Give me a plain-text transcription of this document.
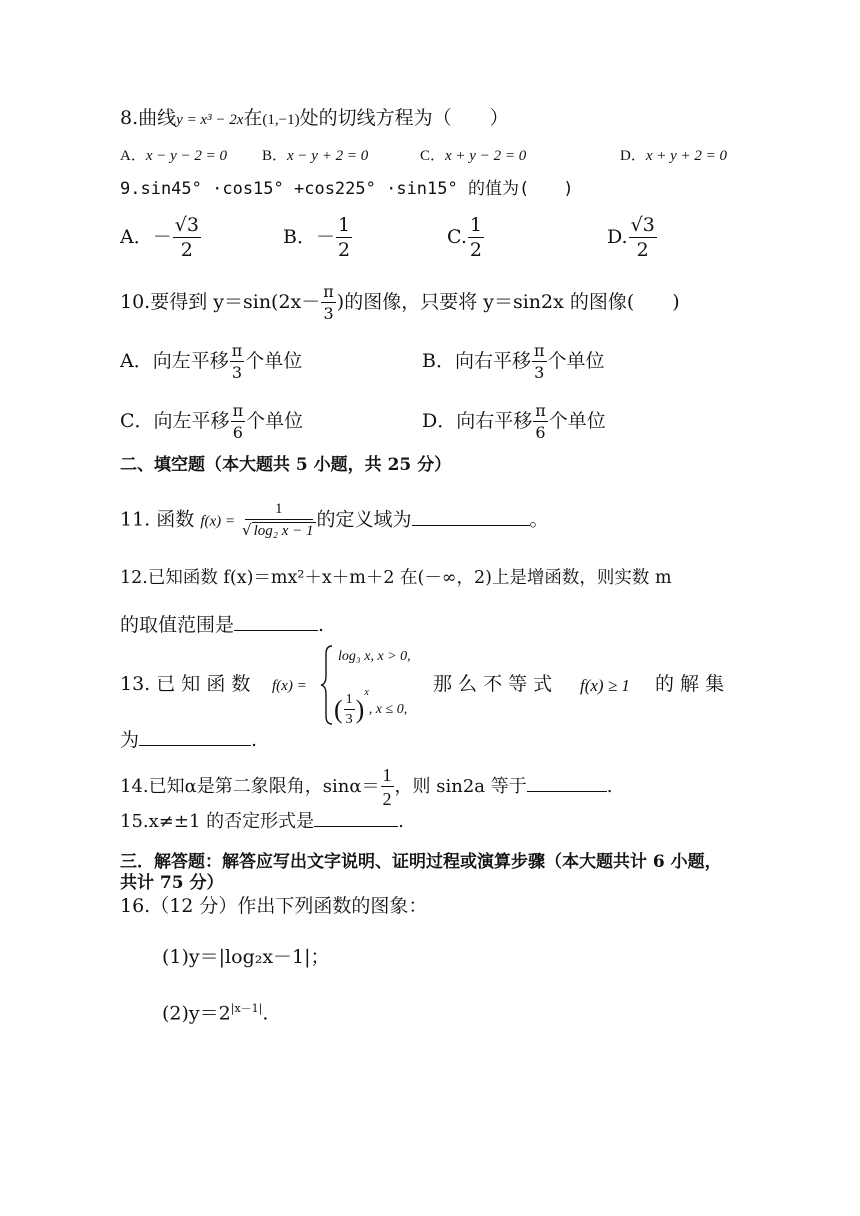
8.曲线y = x³ − 2x在(1,−1)处的切线方程为（　　）
A．x − y − 2 = 0 B．x − y + 2 = 0	C．x + y − 2 = 0	D．x + y + 2 = 0
9.sin45° ·cos15° +cos225° ·sin15° 的值为(　　)
A．－ $\frac{√3}{2}$	B．－ $\frac{1}{2}$	C. $\frac{1}{2}$	D. $\frac{√3}{2}$
10.要得到 $y=\sin(2x- \frac{\pi}{3}$ )的图像，只要将 y＝sin2x 的图像(　　)
A．向左平移 $\frac{\pi}{3}$ 个单位	B．向右平移 $\frac{\pi}{3}$ 个单位
C．向左平移 $\frac{\pi}{6}$ 个单位	D．向右平移 $\frac{\pi}{6}$ 个单位
二、填空题（本大题共 5 小题，共 25 分）
11. 函数 $f(x) = \frac{1}{\text{√ log₂ x − 1}}$ 的定义域为	。
12.已知函数 f(x)＝mx²＋x＋m＋2 在(－∞，2)上是增函数，则实数 m
的取值范围是	.
13. 已 知 函 数 f(x) =
log₃ x, x > 0,
( $\frac{1}{3} )^x$, x ≤ 0,
那 么 不 等 式 f(x) ≥ 1 的 解 集
为	.
14.已知α是第二象限角，$\sin\alpha= \frac{1}{2}$ ，则 sin2a 等于	.
15.x≠±1 的否定形式是	.
三．解答题：解答应写出文字说明、证明过程或演算步骤（本大题共计 6 小题，
共计 75 分）
16.（12 分）作出下列函数的图象：
(1)y＝|log₂x－1|；
$(2)y=2^{|x-1|}$.
